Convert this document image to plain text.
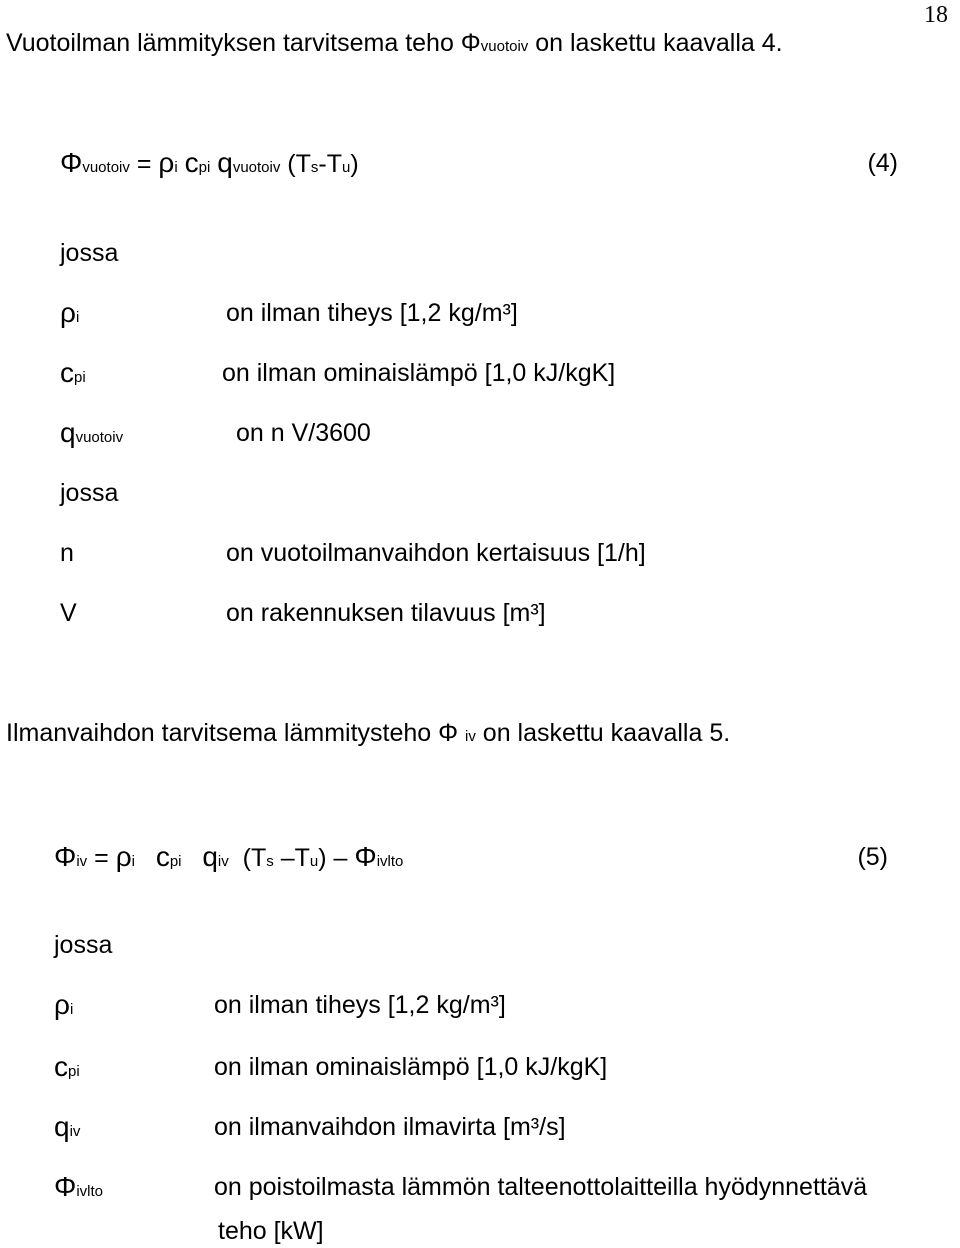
18
Vuotoilman lämmityksen tarvitsema teho Φvuotoiv on laskettu kaavalla 4.
Φvuotoiv = ρi cpi qvuotoiv (Ts-Tu)	(4)
jossa
ρi	on ilman tiheys [1,2 kg/m³]
cpi	on ilman ominaislämpö [1,0 kJ/kgK]
qvuotoiv	on n V/3600
jossa
n	on vuotoilmanvaihdon kertaisuus [1/h]
V	on rakennuksen tilavuus [m³]
Ilmanvaihdon tarvitsema lämmitysteho Φ iv on laskettu kaavalla 5.
Φiv = ρi cpi qiv (Ts –Tu) – Φivlto	(5)
jossa
ρi	on ilman tiheys [1,2 kg/m³]
cpi	on ilman ominaislämpö [1,0 kJ/kgK]
qiv	on ilmanvaihdon ilmavirta [m³/s]
Φivlto	on poistoilmasta lämmön talteenottolaitteilla hyödynnettävä
teho [kW]
